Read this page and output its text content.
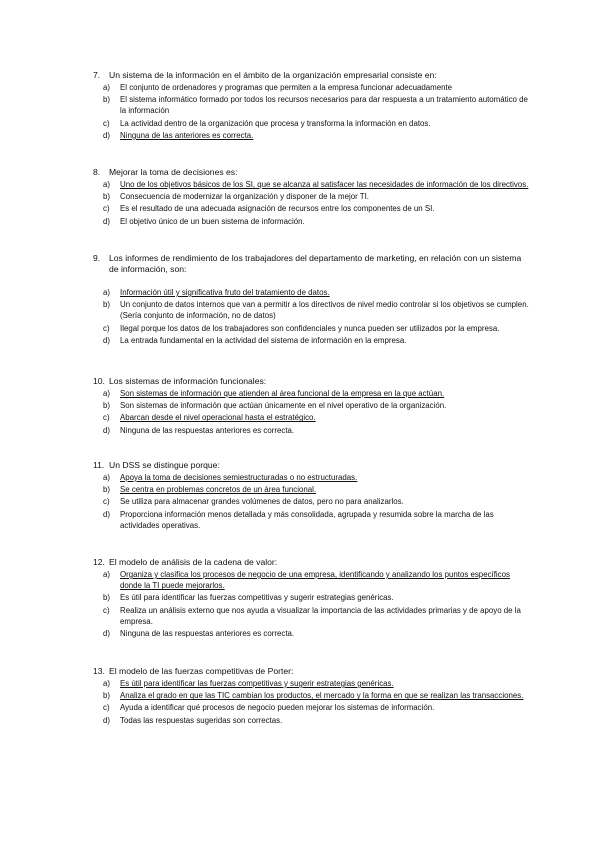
7.	Un sistema de la información en el ámbito de la organización empresarial consiste en:
a)	El conjunto de ordenadores y programas que permiten a la empresa funcionar adecuadamente
b)	El sistema informático formado por todos los recursos necesarios para dar respuesta a un tratamiento automático de la información
c)	La actividad dentro de la organización que procesa y transforma la información en datos.
d)	Ninguna de las anteriores es correcta.
8.	Mejorar la toma de decisiones es:
a)	Uno de los objetivos básicos de los SI, que se alcanza al satisfacer las necesidades de información de los directivos.
b)	Consecuencia de modernizar la organización y disponer de la mejor TI.
c)	Es el resultado de una adecuada asignación de recursos entre los componentes de un SI.
d)	El objetivo único de un buen sistema de información.
9.	Los informes de rendimiento de los trabajadores del departamento de marketing, en relación con un sistema de información, son:
a)	Información útil y significativa fruto del tratamiento de datos.
b)	Un conjunto de datos internos que van a permitir a los directivos de nivel medio controlar si los objetivos se cumplen. (Sería conjunto de información, no de datos)
c)	Ilegal porque los datos de los trabajadores son confidenciales y nunca pueden ser utilizados por la empresa.
d)	La entrada fundamental en la actividad del sistema de información en la empresa.
10. Los sistemas de información funcionales:
a)	Son sistemas de información que atienden al área funcional de la empresa en la que actúan.
b)	Son sistemas de información que actúan únicamente en el nivel operativo de la organización.
c)	Abarcan desde el nivel operacional hasta el estratégico.
d)	Ninguna de las respuestas anteriores es correcta.
11. Un DSS se distingue porque:
a)	Apoya la toma de decisiones semiestructuradas o no estructuradas.
b)	Se centra en problemas concretos de un área funcional.
c)	Se utiliza para almacenar grandes volúmenes de datos, pero no para analizarlos.
d)	Proporciona información menos detallada y más consolidada, agrupada y resumida sobre la marcha de las actividades operativas.
12. El modelo de análisis de la cadena de valor:
a)	Organiza y clasifica los procesos de negocio de una empresa, identificando y analizando los puntos específicos donde la TI puede mejorarlos.
b)	Es útil para identificar las fuerzas competitivas y sugerir estrategias genéricas.
c)	Realiza un análisis externo que nos ayuda a visualizar la importancia de las actividades primarias y de apoyo de la empresa.
d)	Ninguna de las respuestas anteriores es correcta.
13. El modelo de las fuerzas competitivas de Porter:
a)	Es útil para identificar las fuerzas competitivas y sugerir estrategias genéricas.
b)	Analiza el grado en que las TIC cambian los productos, el mercado y la forma en que se realizan las transacciones.
c)	Ayuda a identificar qué procesos de negocio pueden mejorar los sistemas de información.
d)	Todas las respuestas sugeridas son correctas.
